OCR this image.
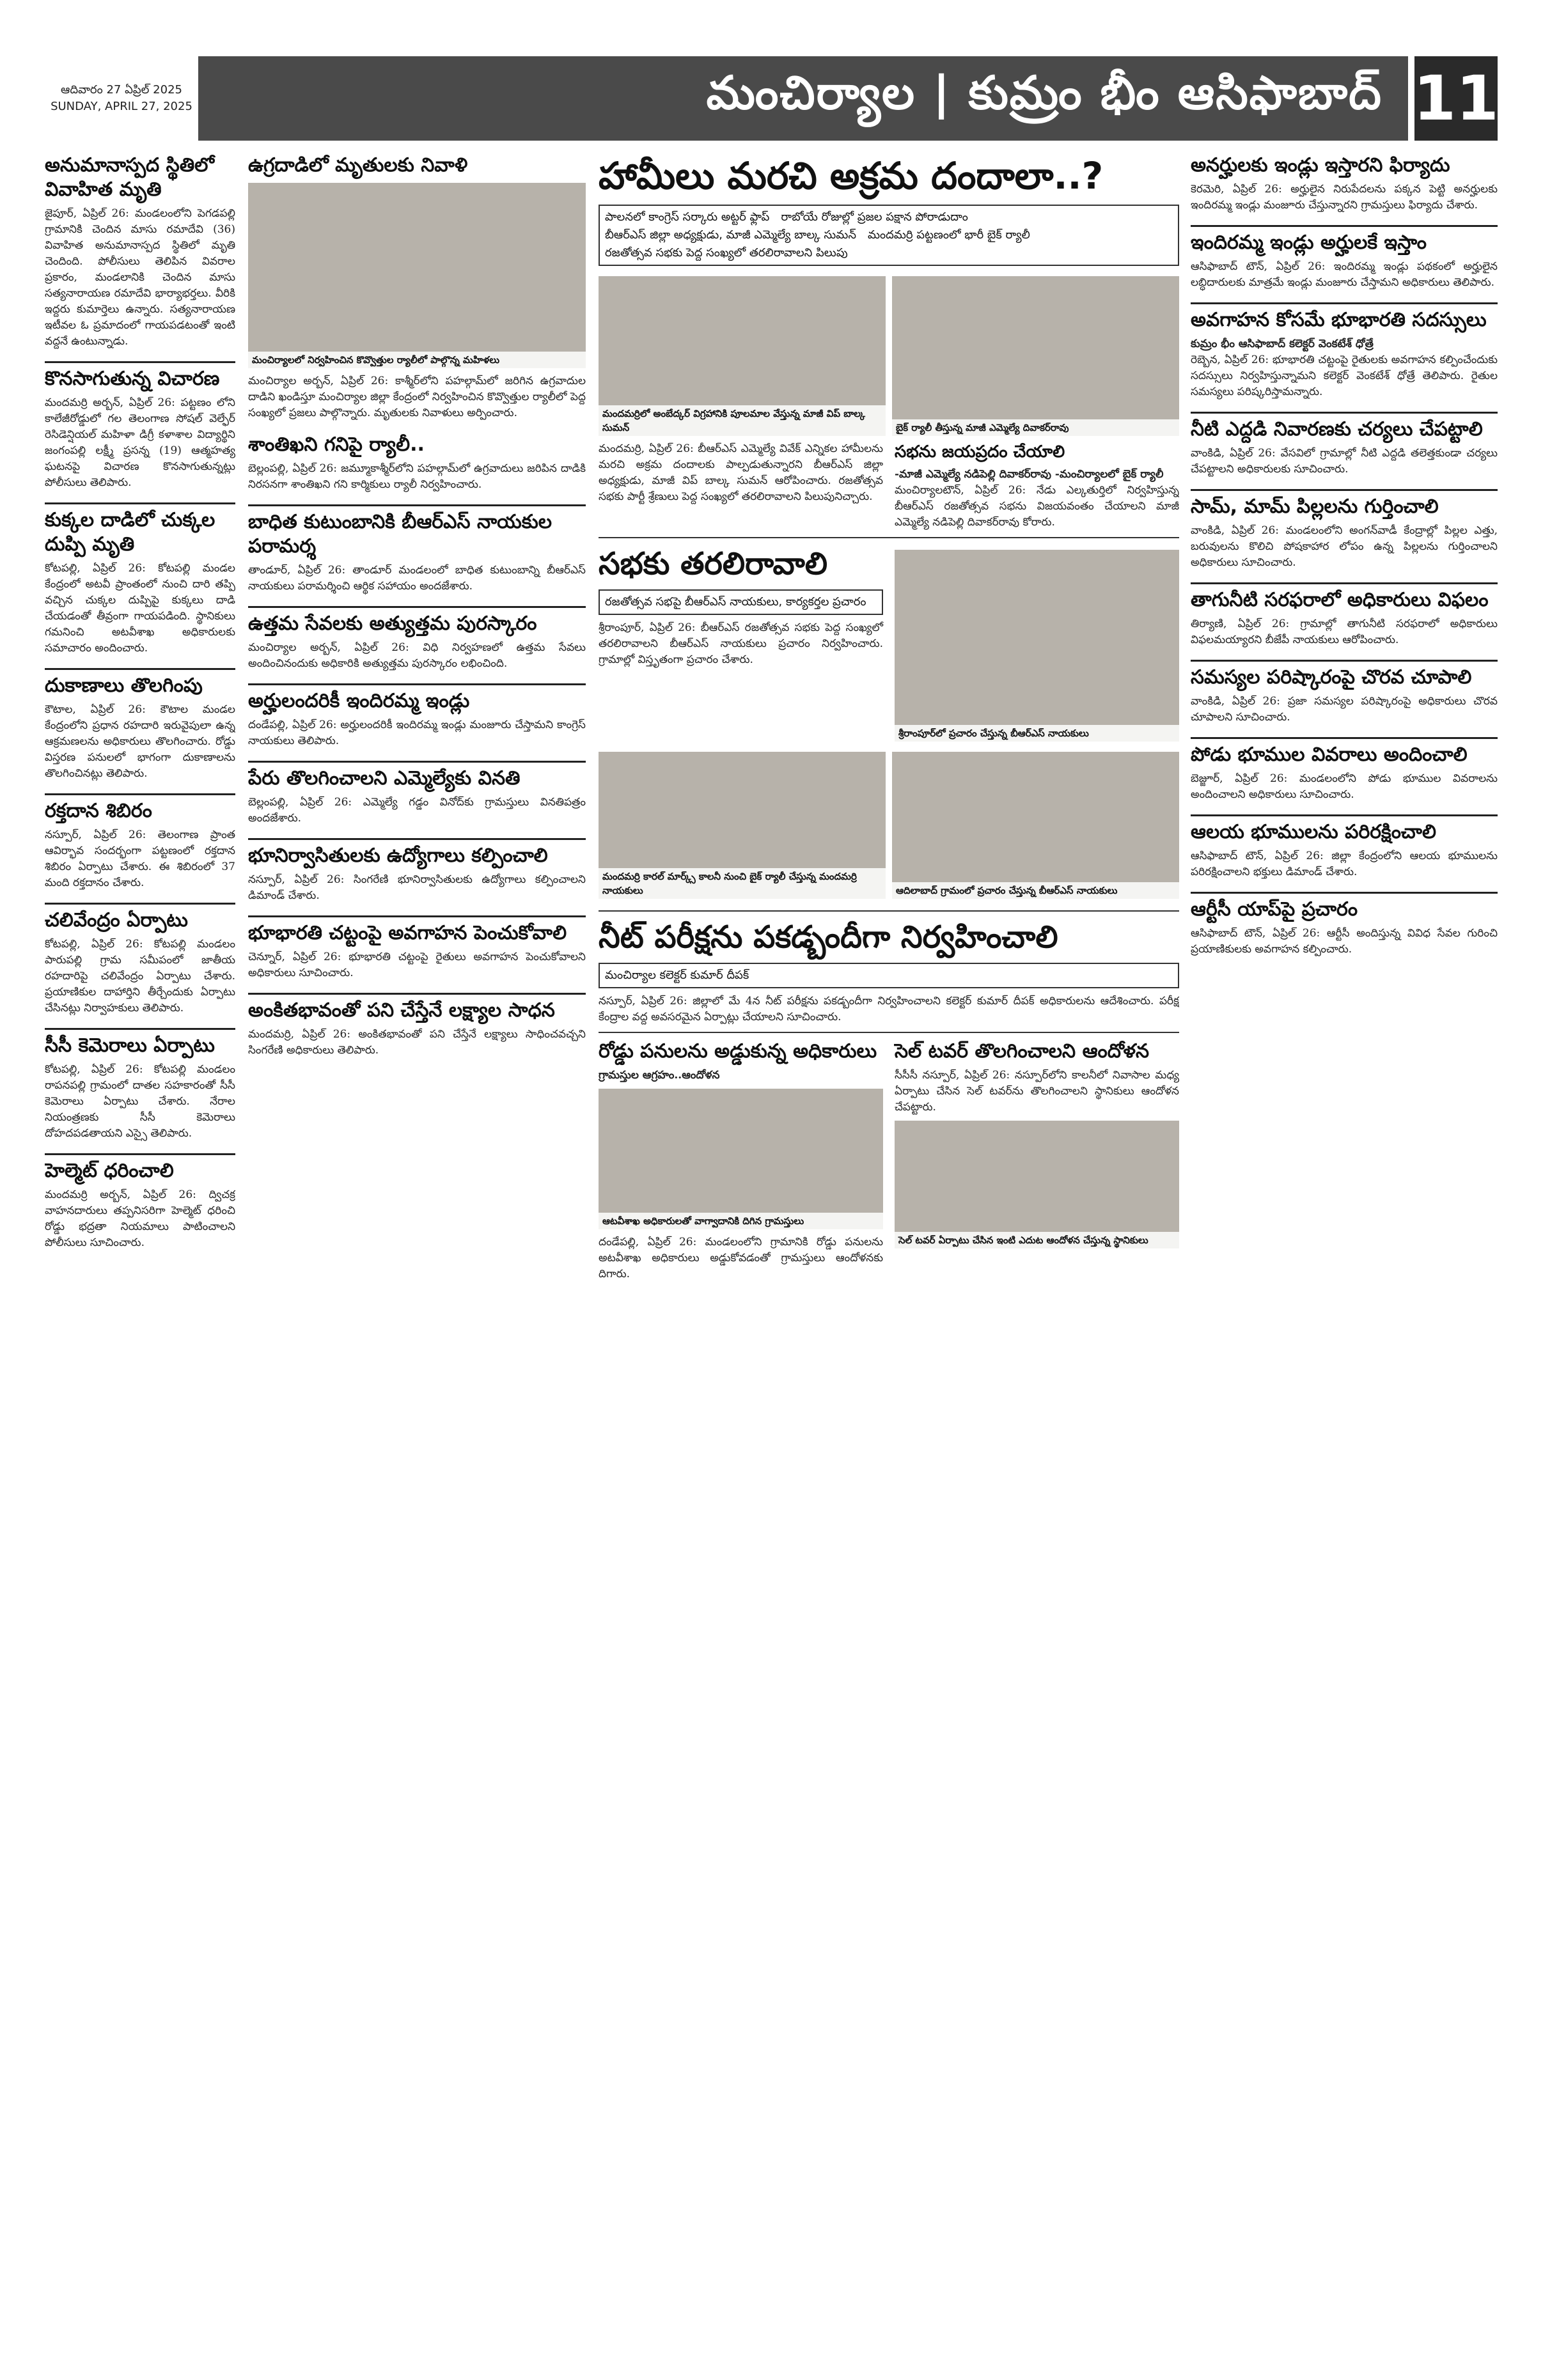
ఆదివారం 27 ఏప్రిల్ 2025
SUNDAY, APRIL 27, 2025	మంచిర్యాల | కుమ్రం భీం ఆసిఫాబాద్ 11
అనుమానాస్పద స్థితిలో వివాహిత మృతి
జైపూర్, ఏప్రిల్ 26: మండలంలోని పెగడపల్లి గ్రామానికి చెందిన మాసు రమాదేవి (36) వివాహిత అనుమానాస్పద స్థితిలో మృతి చెందింది. పోలీసులు తెలిపిన వివరాల ప్రకారం, మండలానికి చెందిన మాసు సత్యనారాయణ రమాదేవి భార్యాభర్తలు. వీరికి ఇద్దరు కుమార్తెలు ఉన్నారు. సత్యనారాయణ ఇటీవల ఓ ప్రమాదంలో గాయపడటంతో ఇంటి వద్దనే ఉంటున్నాడు.
కొనసాగుతున్న విచారణ
మందమర్రి అర్బన్, ఏప్రిల్ 26: పట్టణం లోని కాలేజీరోడ్డులో గల తెలంగాణ సోషల్ వెల్ఫేర్ రెసిడెన్షియల్ మహిళా డిగ్రీ కళాశాల విద్యార్థిని జంగంపల్లి లక్ష్మీ ప్రసన్న (19) ఆత్మహత్య ఘటనపై విచారణ కొనసాగుతున్నట్లు పోలీసులు తెలిపారు.
కుక్కల దాడిలో చుక్కల దుప్పి మృతి
కోటపల్లి, ఏప్రిల్ 26: కోటపల్లి మండల కేంద్రంలో అటవీ ప్రాంతంలో నుంచి దారి తప్పి వచ్చిన చుక్కల దుప్పిపై కుక్కలు దాడి చేయడంతో తీవ్రంగా గాయపడింది. స్థానికులు గమనించి అటవీశాఖ అధికారులకు సమాచారం అందించారు.
దుకాణాలు తొలగింపు
కౌటాల, ఏప్రిల్ 26: కౌటాల మండల కేంద్రంలోని ప్రధాన రహదారి ఇరువైపులా ఉన్న ఆక్రమణలను అధికారులు తొలగించారు. రోడ్డు విస్తరణ పనులలో భాగంగా దుకాణాలను తొలగించినట్లు తెలిపారు.
రక్తదాన శిబిరం
నస్పూర్, ఏప్రిల్ 26: తెలంగాణ ప్రాంత ఆవిర్భావ సందర్భంగా పట్టణంలో రక్తదాన శిబిరం ఏర్పాటు చేశారు. ఈ శిబిరంలో 37 మంది రక్తదానం చేశారు.
చలివేంద్రం ఏర్పాటు
కోటపల్లి, ఏప్రిల్ 26: కోటపల్లి మండలం పారుపల్లి గ్రామ సమీపంలో జాతీయ రహదారిపై చలివేంద్రం ఏర్పాటు చేశారు. ప్రయాణికుల దాహార్తిని తీర్చేందుకు ఏర్పాటు చేసినట్లు నిర్వాహకులు తెలిపారు.
సీసీ కెమెరాలు ఏర్పాటు
కోటపల్లి, ఏప్రిల్ 26: కోటపల్లి మండలం రాపనపల్లి గ్రామంలో దాతల సహకారంతో సీసీ కెమెరాలు ఏర్పాటు చేశారు. నేరాల నియంత్రణకు సీసీ కెమెరాలు దోహదపడతాయని ఎస్సై తెలిపారు.
హెల్మెట్ ధరించాలి
మందమర్రి అర్బన్, ఏప్రిల్ 26: ద్విచక్ర వాహనదారులు తప్పనిసరిగా హెల్మెట్ ధరించి రోడ్డు భద్రతా నియమాలు పాటించాలని పోలీసులు సూచించారు.
ఉగ్రదాడిలో మృతులకు నివాళి
మంచిర్యాలలో నిర్వహించిన కొవ్వొత్తుల ర్యాలీలో పాల్గొన్న మహిళలు
మంచిర్యాల అర్బన్, ఏప్రిల్ 26: కాశ్మీర్‌లోని పహల్గామ్‌లో జరిగిన ఉగ్రవాదుల దాడిని ఖండిస్తూ మంచిర్యాల జిల్లా కేంద్రంలో నిర్వహించిన కొవ్వొత్తుల ర్యాలీలో పెద్ద సంఖ్యలో ప్రజలు పాల్గొన్నారు. మృతులకు నివాళులు అర్పించారు.
శాంతిఖని గనిపై ర్యాలీ..
బెల్లంపల్లి, ఏప్రిల్ 26: జమ్మూకాశ్మీర్‌లోని పహల్గామ్‌లో ఉగ్రవాదులు జరిపిన దాడికి నిరసనగా శాంతిఖని గని కార్మికులు ర్యాలీ నిర్వహించారు.
బాధిత కుటుంబానికి బీఆర్ఎస్ నాయకుల పరామర్శ
తాండూర్, ఏప్రిల్ 26: తాండూర్ మండలంలో బాధిత కుటుంబాన్ని బీఆర్ఎస్ నాయకులు పరామర్శించి ఆర్థిక సహాయం అందజేశారు.
ఉత్తమ సేవలకు అత్యుత్తమ పురస్కారం
మంచిర్యాల అర్బన్, ఏప్రిల్ 26: విధి నిర్వహణలో ఉత్తమ సేవలు అందించినందుకు అధికారికి అత్యుత్తమ పురస్కారం లభించింది.
అర్హులందరికీ ఇందిరమ్మ ఇండ్లు
దండేపల్లి, ఏప్రిల్ 26: అర్హులందరికీ ఇందిరమ్మ ఇండ్లు మంజూరు చేస్తామని కాంగ్రెస్ నాయకులు తెలిపారు.
పేరు తొలగించాలని ఎమ్మెల్యేకు వినతి
బెల్లంపల్లి, ఏప్రిల్ 26: ఎమ్మెల్యే గడ్డం వినోద్‌కు గ్రామస్తులు వినతిపత్రం అందజేశారు.
భూనిర్వాసితులకు ఉద్యోగాలు కల్పించాలి
నస్పూర్, ఏప్రిల్ 26: సింగరేణి భూనిర్వాసితులకు ఉద్యోగాలు కల్పించాలని డిమాండ్ చేశారు.
భూభారతి చట్టంపై అవగాహన పెంచుకోవాలి
చెన్నూర్, ఏప్రిల్ 26: భూభారతి చట్టంపై రైతులు అవగాహన పెంచుకోవాలని అధికారులు సూచించారు.
అంకితభావంతో పని చేస్తేనే లక్ష్యాల సాధన
మందమర్రి, ఏప్రిల్ 26: అంకితభావంతో పని చేస్తేనే లక్ష్యాలు సాధించవచ్చని సింగరేణి అధికారులు తెలిపారు.
హామీలు మరచి అక్రమ దందాలా..?
పాలనలో కాంగ్రెస్ సర్కారు అట్టర్ ఫ్లాప్ రాబోయే రోజుల్లో ప్రజల పక్షాన పోరాడుదాంబీఆర్ఎస్ జిల్లా అధ్యక్షుడు, మాజీ ఎమ్మెల్యే బాల్క సుమన్ మందమర్రి పట్టణంలో భారీ బైక్ ర్యాలీరజతోత్సవ సభకు పెద్ద సంఖ్యలో తరలిరావాలని పిలుపు
మందమర్రిలో అంబేద్కర్ విగ్రహానికి పూలమాల వేస్తున్న మాజీ విప్ బాల్క సుమన్	బైక్ ర్యాలీ తీస్తున్న మాజీ ఎమ్మెల్యే దివాకర్‌రావు
మందమర్రి, ఏప్రిల్ 26: బీఆర్ఎస్ ఎమ్మెల్యే వివేక్ ఎన్నికల హామీలను మరచి అక్రమ దందాలకు పాల్పడుతున్నారని బీఆర్ఎస్ జిల్లా అధ్యక్షుడు, మాజీ విప్ బాల్క సుమన్ ఆరోపించారు. రజతోత్సవ సభకు పార్టీ శ్రేణులు పెద్ద సంఖ్యలో తరలిరావాలని పిలుపునిచ్చారు.
సభను జయప్రదం చేయాలి
-మాజీ ఎమ్మెల్యే నడిపెల్లి దివాకర్‌రావు -మంచిర్యాలలో బైక్ ర్యాలీ
మంచిర్యాలటౌన్, ఏప్రిల్ 26: నేడు ఎల్కతుర్తిలో నిర్వహిస్తున్న బీఆర్ఎస్ రజతోత్సవ సభను విజయవంతం చేయాలని మాజీ ఎమ్మెల్యే నడిపెల్లి దివాకర్‌రావు కోరారు.
సభకు తరలిరావాలి
రజతోత్సవ సభపై బీఆర్ఎస్ నాయకులు, కార్యకర్తల ప్రచారం
శ్రీరాంపూర్, ఏప్రిల్ 26: బీఆర్ఎస్ రజతోత్సవ సభకు పెద్ద సంఖ్యలో తరలిరావాలని బీఆర్ఎస్ నాయకులు ప్రచారం నిర్వహించారు. గ్రామాల్లో విస్తృతంగా ప్రచారం చేశారు.
శ్రీరాంపూర్‌లో ప్రచారం చేస్తున్న బీఆర్ఎస్ నాయకులు
మందమర్రి కారల్ మార్క్స్ కాలనీ నుంచి బైక్ ర్యాలీ చేస్తున్న మందమర్రి నాయకులు	ఆదిలాబాద్ గ్రామంలో ప్రచారం చేస్తున్న బీఆర్ఎస్ నాయకులు
నీట్ పరీక్షను పకడ్బందీగా నిర్వహించాలి
మంచిర్యాల కలెక్టర్ కుమార్ దీపక్
నస్పూర్, ఏప్రిల్ 26: జిల్లాలో మే 4న నీట్ పరీక్షను పకడ్బందీగా నిర్వహించాలని కలెక్టర్ కుమార్ దీపక్ అధికారులను ఆదేశించారు. పరీక్ష కేంద్రాల వద్ద అవసరమైన ఏర్పాట్లు చేయాలని సూచించారు.
రోడ్డు పనులను అడ్డుకున్న అధికారులు
గ్రామస్తుల ఆగ్రహం..ఆందోళన
ఆటవీశాఖ అధికారులతో వాగ్వాదానికి దిగిన గ్రామస్తులు
దండేపల్లి, ఏప్రిల్ 26: మండలంలోని గ్రామానికి రోడ్డు పనులను అటవీశాఖ అధికారులు అడ్డుకోవడంతో గ్రామస్తులు ఆందోళనకు దిగారు.
సెల్ టవర్ తొలగించాలని ఆందోళన
సీసీసీ నస్పూర్, ఏప్రిల్ 26: నస్పూర్‌లోని కాలనీలో నివాసాల మధ్య ఏర్పాటు చేసిన సెల్ టవర్‌ను తొలగించాలని స్థానికులు ఆందోళన చేపట్టారు.
సెల్ టవర్ ఏర్పాటు చేసిన ఇంటి ఎదుట ఆందోళన చేస్తున్న స్థానికులు
అనర్హులకు ఇండ్లు ఇస్తారని ఫిర్యాదు
కెరమెరి, ఏప్రిల్ 26: అర్హులైన నిరుపేదలను పక్కన పెట్టి అనర్హులకు ఇందిరమ్మ ఇండ్లు మంజూరు చేస్తున్నారని గ్రామస్తులు ఫిర్యాదు చేశారు.
ఇందిరమ్మ ఇండ్లు అర్హులకే ఇస్తాం
ఆసిఫాబాద్ టౌన్, ఏప్రిల్ 26: ఇందిరమ్మ ఇండ్లు పథకంలో అర్హులైన లబ్ధిదారులకు మాత్రమే ఇండ్లు మంజూరు చేస్తామని అధికారులు తెలిపారు.
అవగాహన కోసమే భూభారతి సదస్సులు
కుమ్రం భీం ఆసిఫాబాద్ కలెక్టర్ వెంకటేశ్ ధోత్రే
రెబ్బెన, ఏప్రిల్ 26: భూభారతి చట్టంపై రైతులకు అవగాహన కల్పించేందుకు సదస్సులు నిర్వహిస్తున్నామని కలెక్టర్ వెంకటేశ్ ధోత్రే తెలిపారు. రైతుల సమస్యలు పరిష్కరిస్తామన్నారు.
నీటి ఎద్దడి నివారణకు చర్యలు చేపట్టాలి
వాంకిడి, ఏప్రిల్ 26: వేసవిలో గ్రామాల్లో నీటి ఎద్దడి తలెత్తకుండా చర్యలు చేపట్టాలని అధికారులకు సూచించారు.
సామ్, మామ్ పిల్లలను గుర్తించాలి
వాంకిడి, ఏప్రిల్ 26: మండలంలోని అంగన్‌వాడీ కేంద్రాల్లో పిల్లల ఎత్తు, బరువులను కొలిచి పోషకాహార లోపం ఉన్న పిల్లలను గుర్తించాలని అధికారులు సూచించారు.
తాగునీటి సరఫరాలో అధికారులు విఫలం
తిర్యాణి, ఏప్రిల్ 26: గ్రామాల్లో తాగునీటి సరఫరాలో అధికారులు విఫలమయ్యారని బీజేపీ నాయకులు ఆరోపించారు.
సమస్యల పరిష్కారంపై చొరవ చూపాలి
వాంకిడి, ఏప్రిల్ 26: ప్రజా సమస్యల పరిష్కారంపై అధికారులు చొరవ చూపాలని సూచించారు.
పోడు భూముల వివరాలు అందించాలి
బెజ్జూర్, ఏప్రిల్ 26: మండలంలోని పోడు భూముల వివరాలను అందించాలని అధికారులు సూచించారు.
ఆలయ భూములను పరిరక్షించాలి
ఆసిఫాబాద్ టౌన్, ఏప్రిల్ 26: జిల్లా కేంద్రంలోని ఆలయ భూములను పరిరక్షించాలని భక్తులు డిమాండ్ చేశారు.
ఆర్టీసీ యాప్‌పై ప్రచారం
ఆసిఫాబాద్ టౌన్, ఏప్రిల్ 26: ఆర్టీసీ అందిస్తున్న వివిధ సేవల గురించి ప్రయాణికులకు అవగాహన కల్పించారు.
